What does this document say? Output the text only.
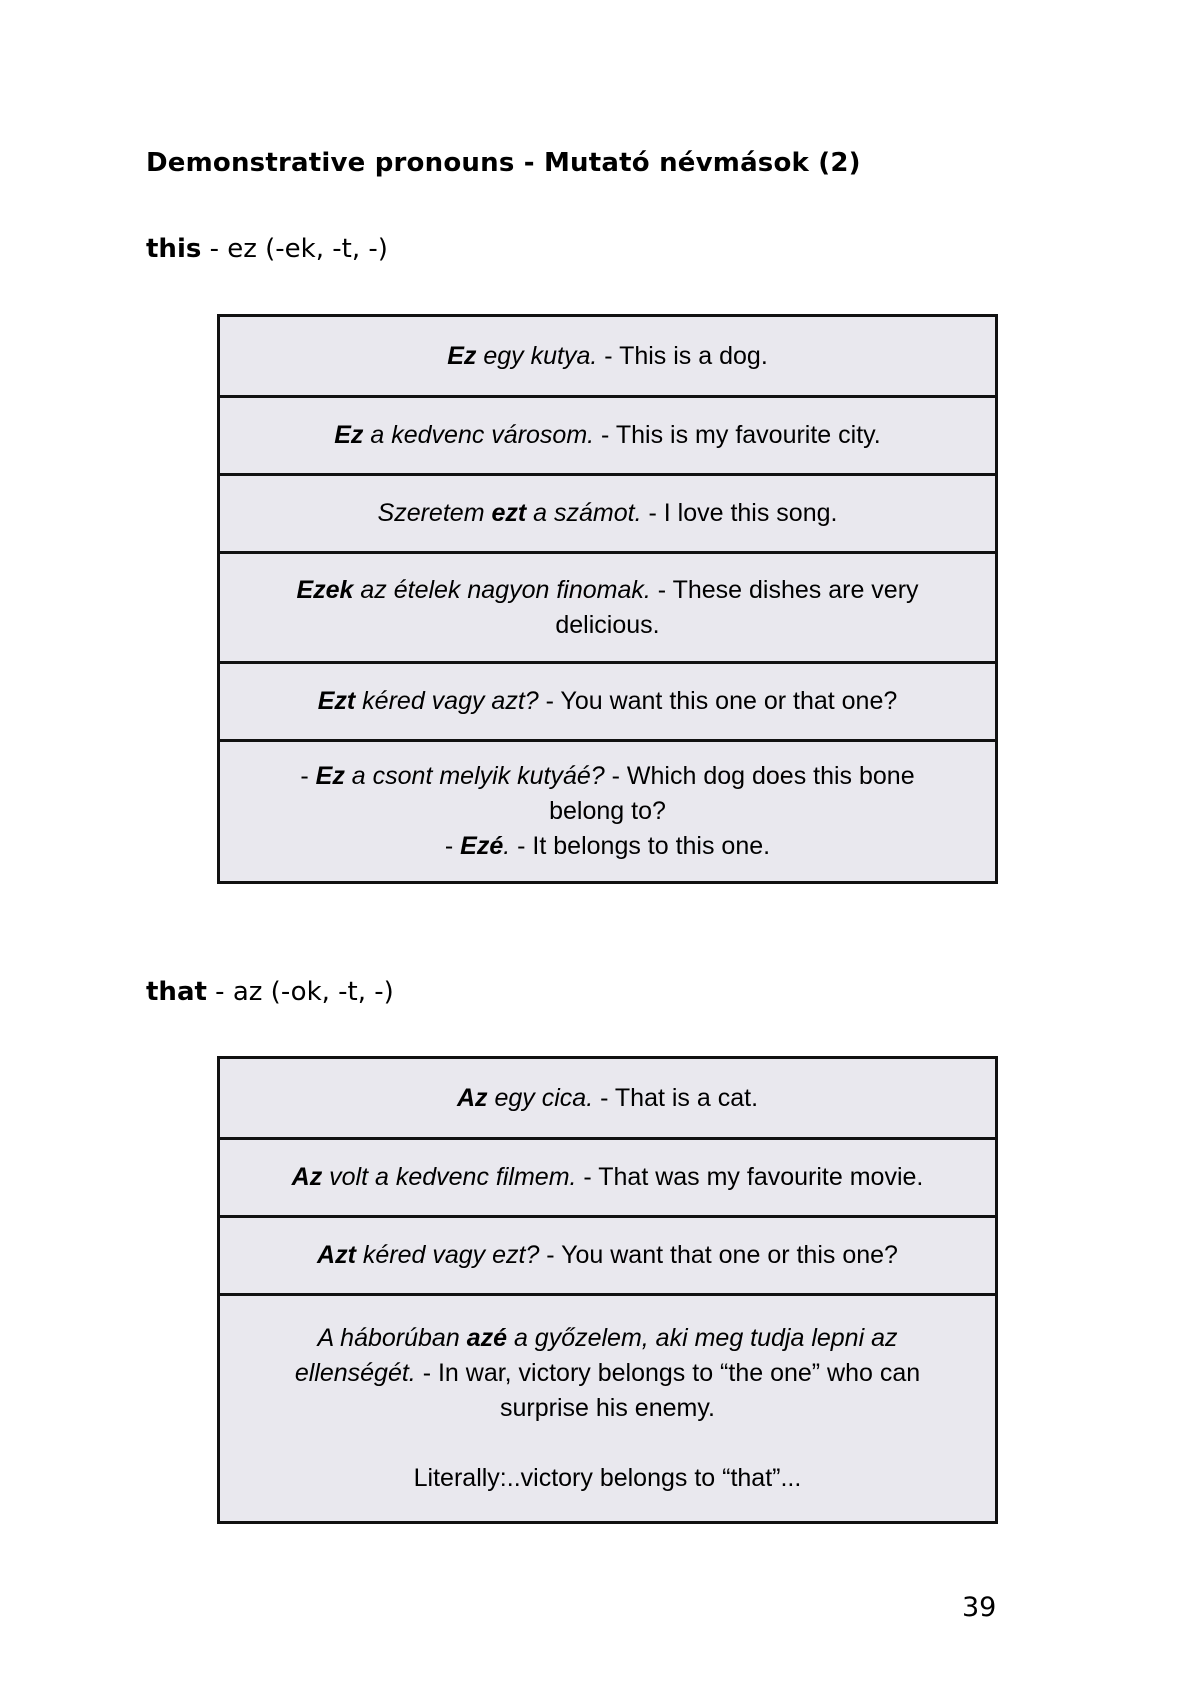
Demonstrative pronouns - Mutató névmások (2)

this - ez (-ek, -t, -)

Ez egy kutya. - This is a dog.

Ez a kedvenc városom. - This is my favourite city.

Szeretem ezt a számot. - I love this song.

Ezek az ételek nagyon finomak. - These dishes are very

delicious.

Ezt kéred vagy azt? - You want this one or that one?

- Ez a csont melyik kutyáé? - Which dog does this bone

belong to?

- Ezé. - It belongs to this one.

that - az (-ok, -t, -)

Az egy cica. - That is a cat.

Az volt a kedvenc filmem. - That was my favourite movie.

Azt kéred vagy ezt? - You want that one or this one?

A háborúban azé a győzelem, aki meg tudja lepni az

ellenségét. - In war, victory belongs to “the one” who can

surprise his enemy.

Literally:..victory belongs to “that”...

39
